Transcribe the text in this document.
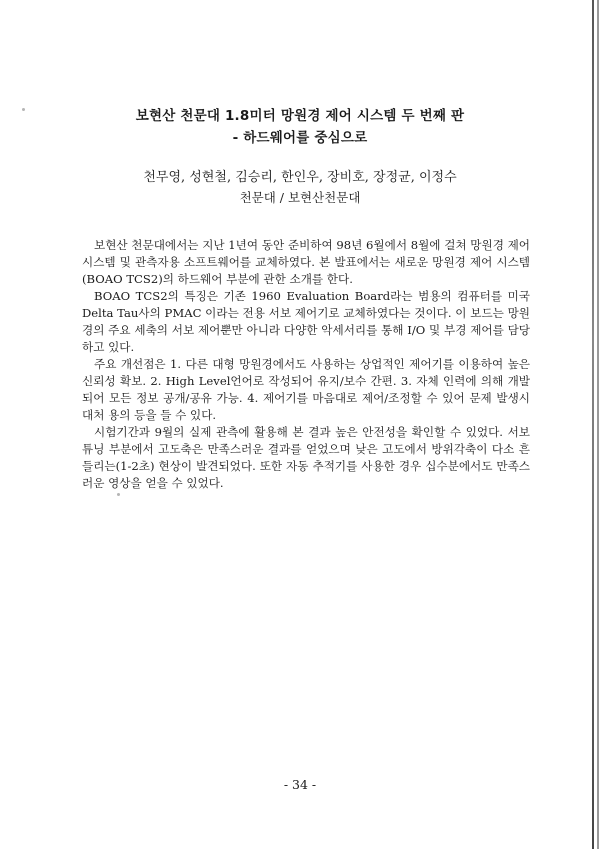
보현산 천문대 1.8미터 망원경 제어 시스템 두 번째 판
- 하드웨어를 중심으로

천무영, 성현철, 김승리, 한인우, 장비호, 장정균, 이정수

천문대 / 보현산천문대

보현산 천문대에서는 지난 1년여 동안 준비하여 98년 6월에서 8월에 걸쳐 망원경 제어 시스템 및 관측자용 소프트웨어를 교체하였다. 본 발표에서는 새로운 망원경 제어 시스템(BOAO TCS2)의 하드웨어 부분에 관한 소개를 한다.

BOAO TCS2의 특징은 기존 1960 Evaluation Board라는 범용의 컴퓨터를 미국 Delta Tau사의 PMAC 이라는 전용 서보 제어기로 교체하였다는 것이다. 이 보드는 망원경의 주요 세축의 서보 제어뿐만 아니라 다양한 악세서리를 통해 I/O 및 부경 제어를 담당하고 있다.

주요 개선점은 1. 다른 대형 망원경에서도 사용하는 상업적인 제어기를 이용하여 높은 신뢰성 확보. 2. High Level언어로 작성되어 유지/보수 간편. 3. 자체 인력에 의해 개발되어 모든 정보 공개/공유 가능. 4. 제어기를 마음대로 제어/조정할 수 있어 문제 발생시 대처 용의 등을 들 수 있다.

시험기간과 9월의 실제 관측에 활용해 본 결과 높은 안전성을 확인할 수 있었다. 서보 튜닝 부분에서 고도축은 만족스러운 결과를 얻었으며 낮은 고도에서 방위각축이 다소 흔들리는(1-2초) 현상이 발견되었다. 또한 자동 추적기를 사용한 경우 십수분에서도 만족스러운 영상을 얻을 수 있었다.

- 34 -
